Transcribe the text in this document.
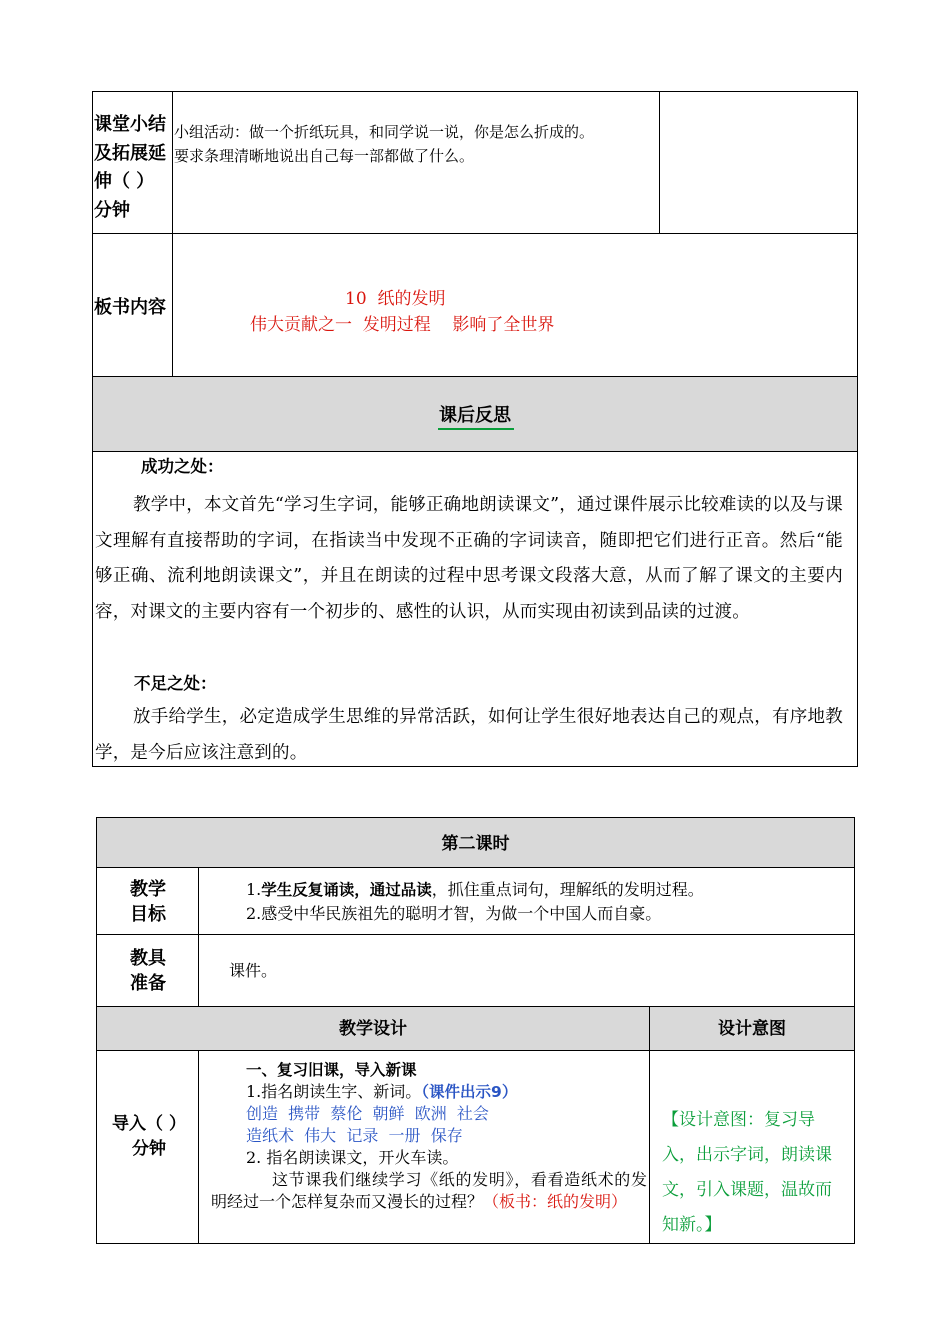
课堂小结及拓展延伸（ ）分钟
小组活动：做一个折纸玩具，和同学说一说，你是怎么折成的。
要求条理清晰地说出自己每一部都做了什么。
板书内容	10  纸的发明
伟大贡献之一  发明过程    影响了全世界
课后反思
成功之处：
教学中，本文首先“学习生字词，能够正确地朗读课文”，通过课件展示比较难读的以及与课文理解有直接帮助的字词，在指读当中发现不正确的字词读音，随即把它们进行正音。然后“能够正确、流利地朗读课文”，并且在朗读的过程中思考课文段落大意，从而了解了课文的主要内容，对课文的主要内容有一个初步的、感性的认识，从而实现由初读到品读的过渡。
不足之处：
放手给学生，必定造成学生思维的异常活跃，如何让学生很好地表达自己的观点，有序地教学，是今后应该注意到的。
第二课时
教学目标
1.学生反复诵读，通过品读，抓住重点词句，理解纸的发明过程。
2.感受中华民族祖先的聪明才智，为做一个中国人而自豪。
教具准备
课件。
教学设计	设计意图
导入（ ）分钟
一、复习旧课，导入新课
1.指名朗读生字、新词。（课件出示9）
创造  携带  蔡伦  朝鲜  欧洲  社会
造纸术  伟大  记录  一册  保存
2. 指名朗读课文，开火车读。
这节课我们继续学习《纸的发明》，看看造纸术的发明经过一个怎样复杂而又漫长的过程？（板书：纸的发明）
【设计意图：复习导入，出示字词，朗读课文，引入课题，温故而知新。】
